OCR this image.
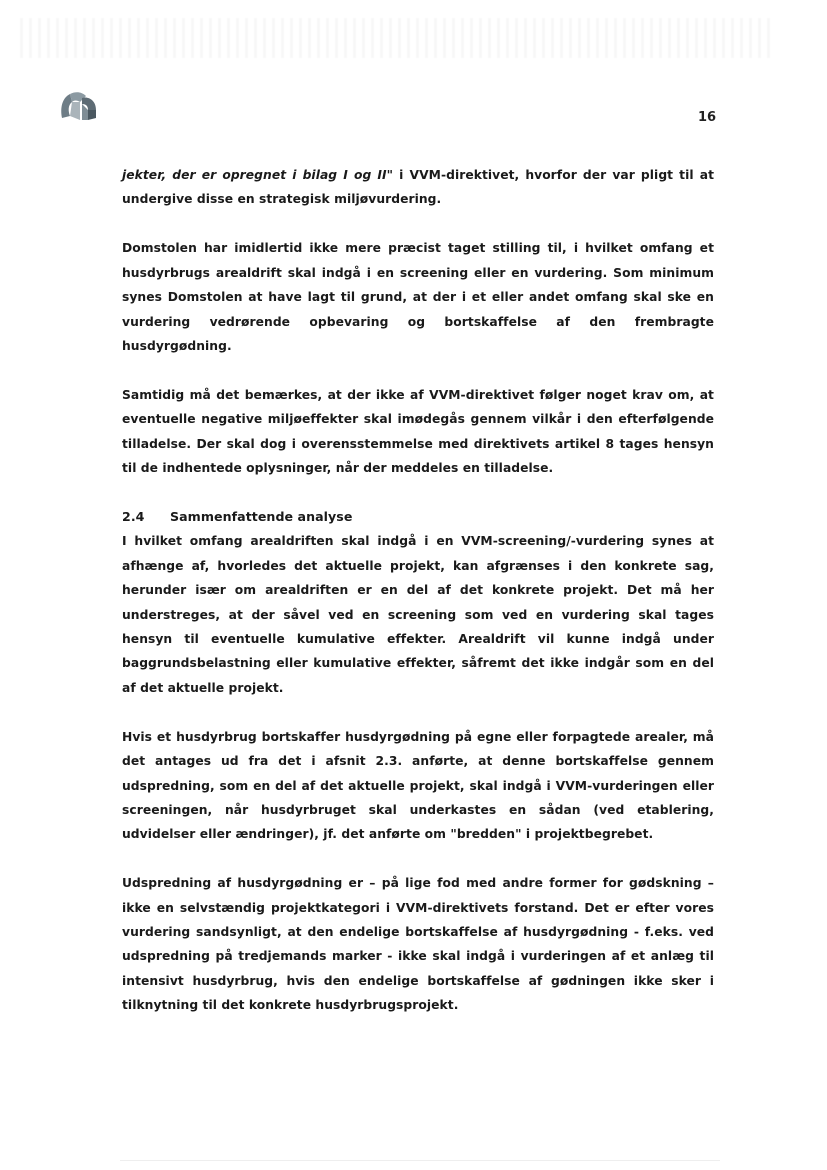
16

jekter, der er opregnet i bilag I og II" i VVM-direktivet, hvorfor der var pligt til at undergive disse en strategisk miljøvurdering.

Domstolen har imidlertid ikke mere præcist taget stilling til, i hvilket omfang et husdyrbrugs arealdrift skal indgå i en screening eller en vurdering. Som minimum synes Domstolen at have lagt til grund, at der i et eller andet omfang skal ske en vurdering vedrørende opbevaring og bortskaffelse af den frembragte husdyrgødning.

Samtidig må det bemærkes, at der ikke af VVM-direktivet følger noget krav om, at eventuelle negative miljøeffekter skal imødegås gennem vilkår i den efterfølgende tilladelse. Der skal dog i overensstemmelse med direktivets artikel 8 tages hensyn til de indhentede oplysninger, når der meddeles en tilladelse.

2.4	Sammenfattende analyse

I hvilket omfang arealdriften skal indgå i en VVM-screening/-vurdering synes at afhænge af, hvorledes det aktuelle projekt, kan afgrænses i den konkrete sag, herunder især om arealdriften er en del af det konkrete projekt. Det må her understreges, at der såvel ved en screening som ved en vurdering skal tages hensyn til eventuelle kumulative effekter. Arealdrift vil kunne indgå under baggrundsbelastning eller kumulative effekter, såfremt det ikke indgår som en del af det aktuelle projekt.

Hvis et husdyrbrug bortskaffer husdyrgødning på egne eller forpagtede arealer, må det antages ud fra det i afsnit 2.3. anførte, at denne bortskaffelse gennem udspredning, som en del af det aktuelle projekt, skal indgå i VVM-vurderingen eller screeningen, når husdyrbruget skal underkastes en sådan (ved etablering, udvidelser eller ændringer), jf. det anførte om "bredden" i projektbegrebet.

Udspredning af husdyrgødning er – på lige fod med andre former for gødskning – ikke en selvstændig projektkategori i VVM-direktivets forstand. Det er efter vores vurdering sandsynligt, at den endelige bortskaffelse af husdyrgødning - f.eks. ved udspredning på tredjemands marker - ikke skal indgå i vurderingen af et anlæg til intensivt husdyrbrug, hvis den endelige bortskaffelse af gødningen ikke sker i tilknytning til det konkrete husdyrbrugsprojekt.
